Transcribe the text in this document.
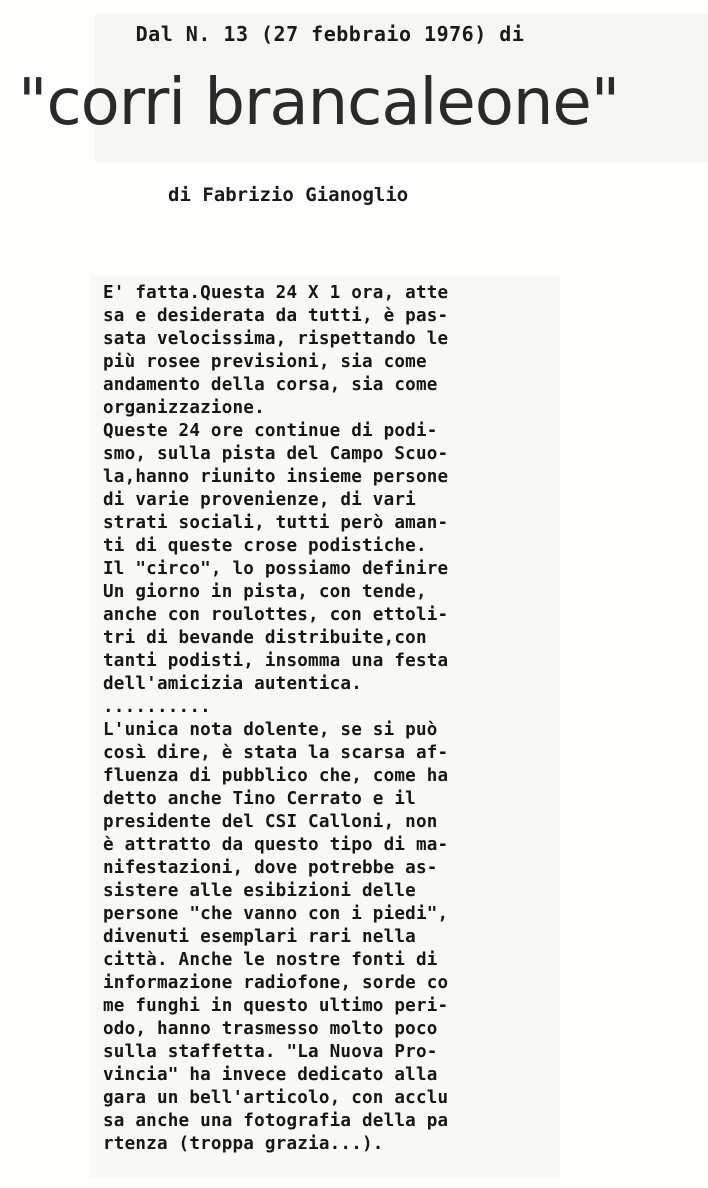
Dal N. 13 (27 febbraio 1976) di
"corri brancaleone"
di Fabrizio Gianoglio
E' fatta.Questa 24 X 1 ora, atte
sa e desiderata da tutti, è pas-
sata velocissima, rispettando le
più rosee previsioni, sia come
andamento della corsa, sia come
organizzazione.
Queste 24 ore continue di podi-
smo, sulla pista del Campo Scuo-
la,hanno riunito insieme persone
di varie provenienze, di vari
strati sociali, tutti però aman-
ti di queste crose podistiche.
Il "circo", lo possiamo definire
Un giorno in pista, con tende,
anche con roulottes, con ettoli-
tri di bevande distribuite,con
tanti podisti, insomma una festa
dell'amicizia autentica.
..........
L'unica nota dolente, se si può
così dire, è stata la scarsa af-
fluenza di pubblico che, come ha
detto anche Tino Cerrato e il
presidente del CSI Calloni, non
è attratto da questo tipo di ma-
nifestazioni, dove potrebbe as-
sistere alle esibizioni delle
persone "che vanno con i piedi",
divenuti esemplari rari nella
città. Anche le nostre fonti di
informazione radiofone, sorde co
me funghi in questo ultimo peri-
odo, hanno trasmesso molto poco
sulla staffetta. "La Nuova Pro-
vincia" ha invece dedicato alla
gara un bell'articolo, con acclu
sa anche una fotografia della pa
rtenza (troppa grazia...).
